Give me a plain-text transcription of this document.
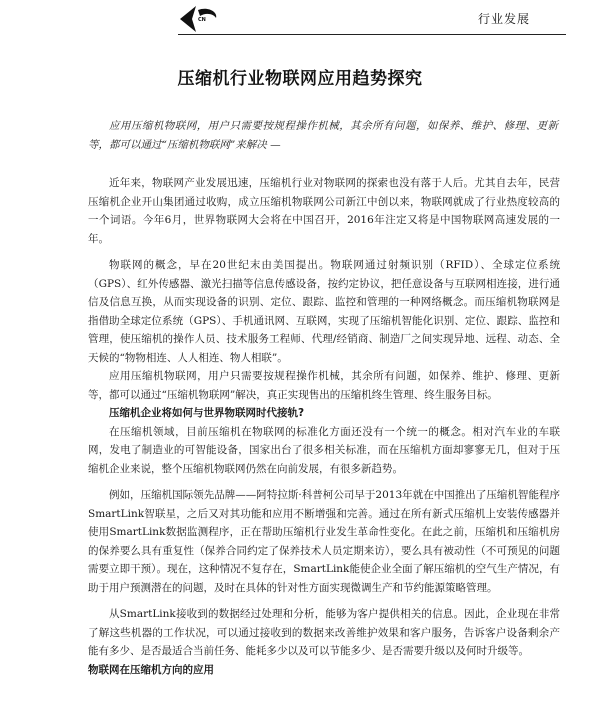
CN	行业发展
压缩机行业物联网应用趋势探究

应用压缩机物联网，用户只需要按规程操作机械，其余所有问题，如保养、维护、修理、更新等，都可以通过“压缩机物联网”来解决 —

近年来，物联网产业发展迅速，压缩机行业对物联网的探索也没有落于人后。尤其自去年，民营压缩机企业开山集团通过收购，成立压缩机物联网公司新江中创以来，物联网就成了行业热度较高的一个词语。今年6月，世界物联网大会将在中国召开，2016年注定又将是中国物联网高速发展的一年。

物联网的概念，早在20世纪末由美国提出。物联网通过射频识别（RFID）、全球定位系统（GPS）、红外传感器、激光扫描等信息传感设备，按约定协议，把任意设备与互联网相连接，进行通信及信息互换，从而实现设备的识别、定位、跟踪、监控和管理的一种网络概念。而压缩机物联网是指借助全球定位系统（GPS）、手机通讯网、互联网，实现了压缩机智能化识别、定位、跟踪、监控和管理，使压缩机的操作人员、技术服务工程师、代理/经销商、制造厂之间实现异地、远程、动态、全天候的“物物相连、人人相连、物人相联”。

应用压缩机物联网，用户只需要按规程操作机械，其余所有问题，如保养、维护、修理、更新等，都可以通过“压缩机物联网”解决，真正实现售出的压缩机终生管理、终生服务目标。

压缩机企业将如何与世界物联网时代接轨?

在压缩机领域，目前压缩机在物联网的标准化方面还没有一个统一的概念。相对汽车业的车联网，发电了制造业的可智能设备，国家出台了很多相关标准，而在压缩机方面却寥寥无几，但对于压缩机企业来说，整个压缩机物联网仍然在向前发展，有很多新趋势。

例如，压缩机国际领先品牌——阿特拉斯·科普柯公司早于2013年就在中国推出了压缩机智能程序SmartLink智联星，之后又对其功能和应用不断增强和完善。通过在所有新式压缩机上安装传感器并使用SmartLink数据监测程序，正在帮助压缩机行业发生革命性变化。在此之前，压缩机和压缩机房的保养要么具有重复性（保养合同约定了保养技术人员定期来访），要么具有被动性（不可预见的问题需要立即干预）。现在，这种情况不复存在，SmartLink能使企业全面了解压缩机的空气生产情况，有助于用户预测潜在的问题，及时在具体的针对性方面实现微调生产和节约能源策略管理。

从SmartLink接收到的数据经过处理和分析，能够为客户提供相关的信息。因此，企业现在非常了解这些机器的工作状况，可以通过接收到的数据来改善维护效果和客户服务，告诉客户设备剩余产能有多少、是否最适合当前任务、能耗多少以及可以节能多少、是否需要升级以及何时升级等。

物联网在压缩机方向的应用
